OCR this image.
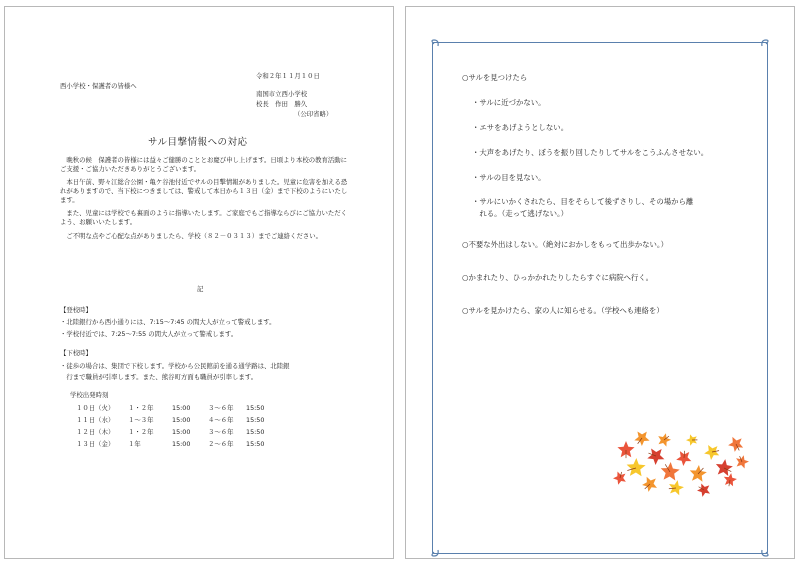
西小学校・保護者の皆様へ
令和２年１１月１０日
南国市立西小学校
校長　作田　勝久
（公印省略）
サル目撃情報への対応
　晩秋の候　保護者の皆様には益々ご健勝のこととお慶び申し上げます。日頃より本校の教育活動にご支援・ご協力いただきありがとうございます。
　本日午前、野々江総合公園・亀ケ谷池付近でサルの目撃情報がありました。児童に危害を加える恐れがありますので、当下校につきましては、警戒して本日から１３日（金）まで下校のようにいたします。
　また、児童には学校でも裏面のように指導いたします。ご家庭でもご指導ならびにご協力いただくよう、お願いいたします。
　ご不明な点やご心配な点がありましたら、学校（８２－０３１３）までご連絡ください。
記
【登校時】
・北陸銀行から西小通りには、7:15～7:45 の間大人が立って警戒します。
・学校付近では、7:25～7:55 の間大人が立って警戒します。
【下校時】
・徒歩の場合は、集団で下校します。学校から公民館前を通る通学路は、北陸銀
　行まで職員が引率します。また、熊谷町方面も職員が引率します。
学校出発時刻
１０日（火） １・２年	15:00	３～６年 15:50
１１日（水） １～３年	15:00	４～６年 15:50
１２日（木） １・２年	15:00	３～６年 15:50
１３日（金） １年	15:00	２～６年 15:50
○サルを見つけたら
・サルに近づかない。
・エサをあげようとしない。
・大声をあげたり、ぼうを振り回したりしてサルをこうふんさせない。
・サルの目を見ない。
・サルにいかくされたら、目をそらして後ずさりし、その場から離
　れる。（走って逃げない。）
○不要な外出はしない。（絶対におかしをもって出歩かない。）
○かまれたり、ひっかかれたりしたらすぐに病院へ行く。
○サルを見かけたら、家の人に知らせる。（学校へも連絡を）
